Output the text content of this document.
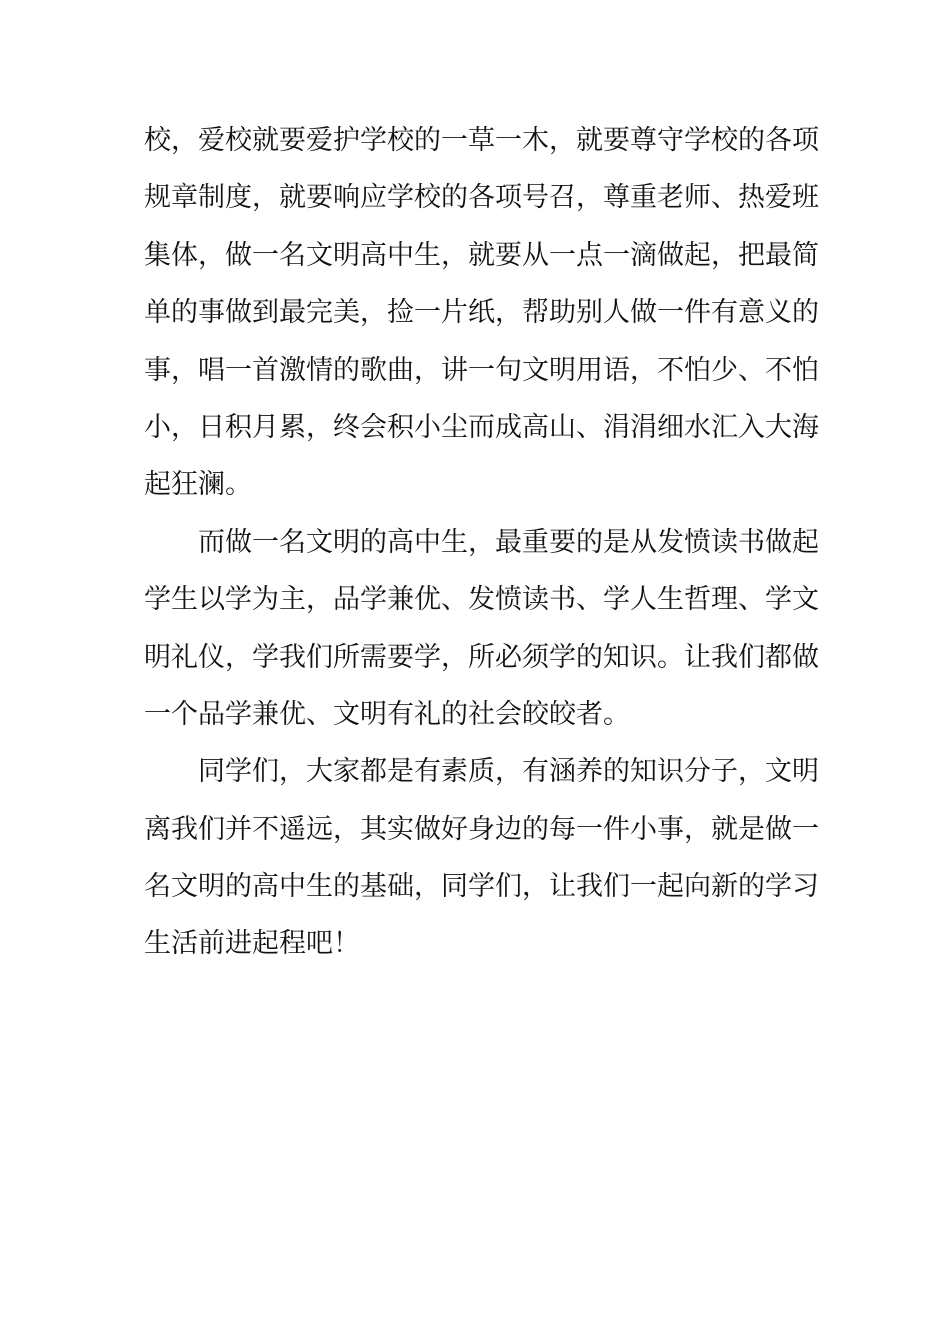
校，爱校就要爱护学校的一草一木，就要尊守学校的各项
规章制度，就要响应学校的各项号召，尊重老师、热爱班
集体，做一名文明高中生，就要从一点一滴做起，把最简
单的事做到最完美，捡一片纸，帮助别人做一件有意义的
事，唱一首激情的歌曲，讲一句文明用语，不怕少、不怕
小，日积月累，终会积小尘而成高山、涓涓细水汇入大海
起狂澜。
而做一名文明的高中生，最重要的是从发愤读书做起
学生以学为主，品学兼优、发愤读书、学人生哲理、学文
明礼仪，学我们所需要学，所必须学的知识。让我们都做
一个品学兼优、文明有礼的社会皎皎者。
同学们，大家都是有素质，有涵养的知识分子，文明
离我们并不遥远，其实做好身边的每一件小事，就是做一
名文明的高中生的基础，同学们，让我们一起向新的学习
生活前进起程吧！
